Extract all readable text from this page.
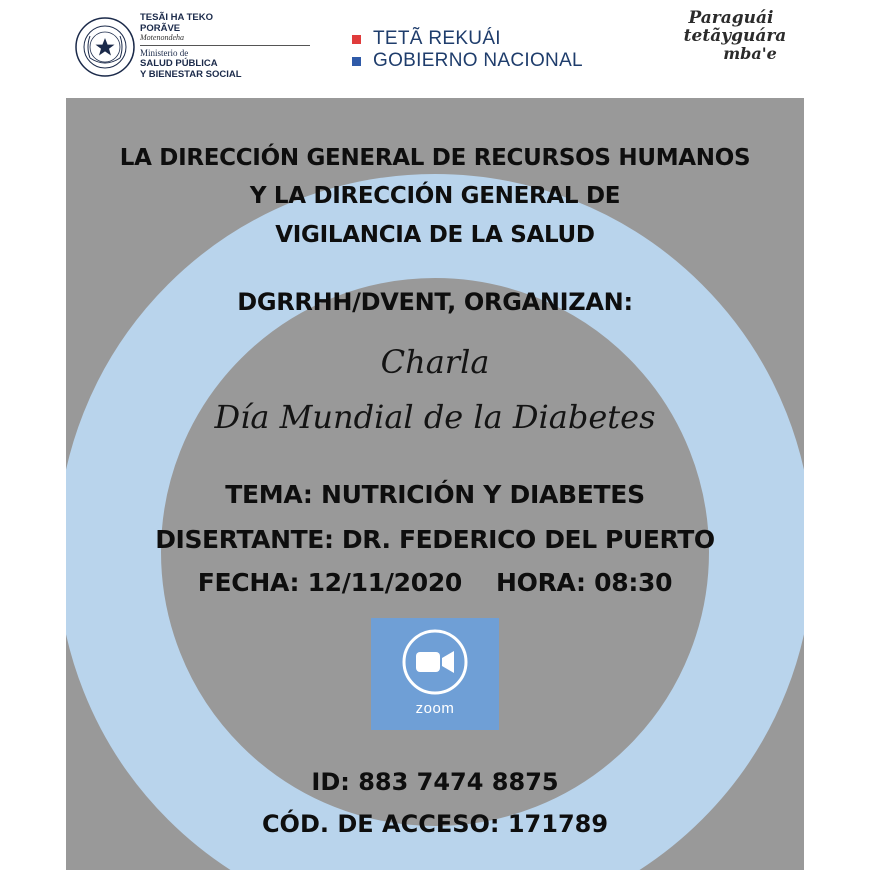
TESÃI HA TEKO
PORÃVE
Motenondeha
Ministerio de
SALUD PÚBLICA
Y BIENESTAR SOCIAL
TETÃ REKUÁI
GOBIERNO NACIONAL
Paraguái
tetãyguára
mba'e
LA DIRECCIÓN GENERAL DE RECURSOS HUMANOS
Y LA DIRECCIÓN GENERAL DE
VIGILANCIA DE LA SALUD
DGRRHH/DVENT, ORGANIZAN:
Charla
Día Mundial de la Diabetes
TEMA: NUTRICIÓN Y DIABETES
DISERTANTE: DR. FEDERICO DEL PUERTO
FECHA: 12/11/2020 HORA: 08:30
zoom
ID: 883 7474 8875
CÓD. DE ACCESO: 171789
